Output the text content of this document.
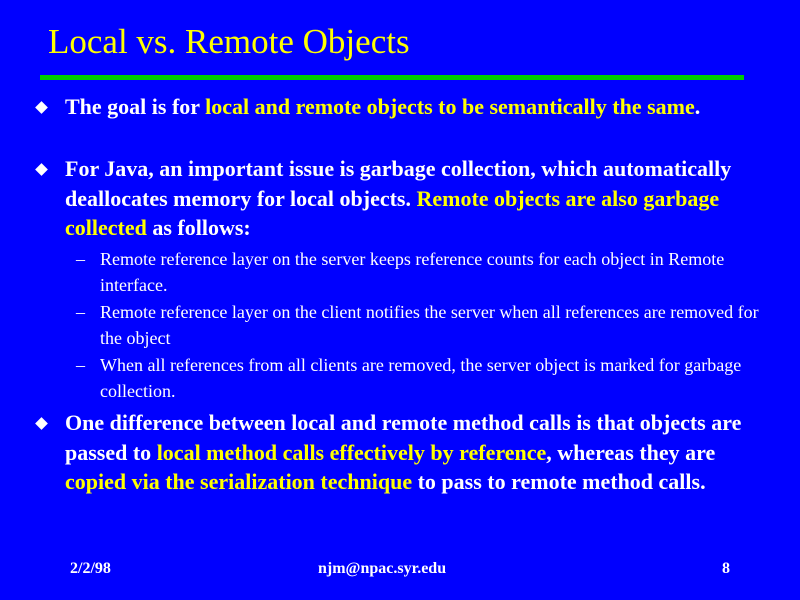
Local vs. Remote Objects
The goal is for local and remote objects to be semantically the same.
For Java, an important issue is garbage collection, which automatically deallocates memory for local objects. Remote objects are also garbage collected as follows:
– Remote reference layer on the server keeps reference counts for each object in Remote interface.
– Remote reference layer on the client notifies the server when all references are removed for the object
– When all references from all clients are removed, the server object is marked for garbage collection.
One difference between local and remote method calls is that objects are passed to local method calls effectively by reference, whereas they are copied via the serialization technique to pass to remote method calls.
2/2/98	njm@npac.syr.edu	8
